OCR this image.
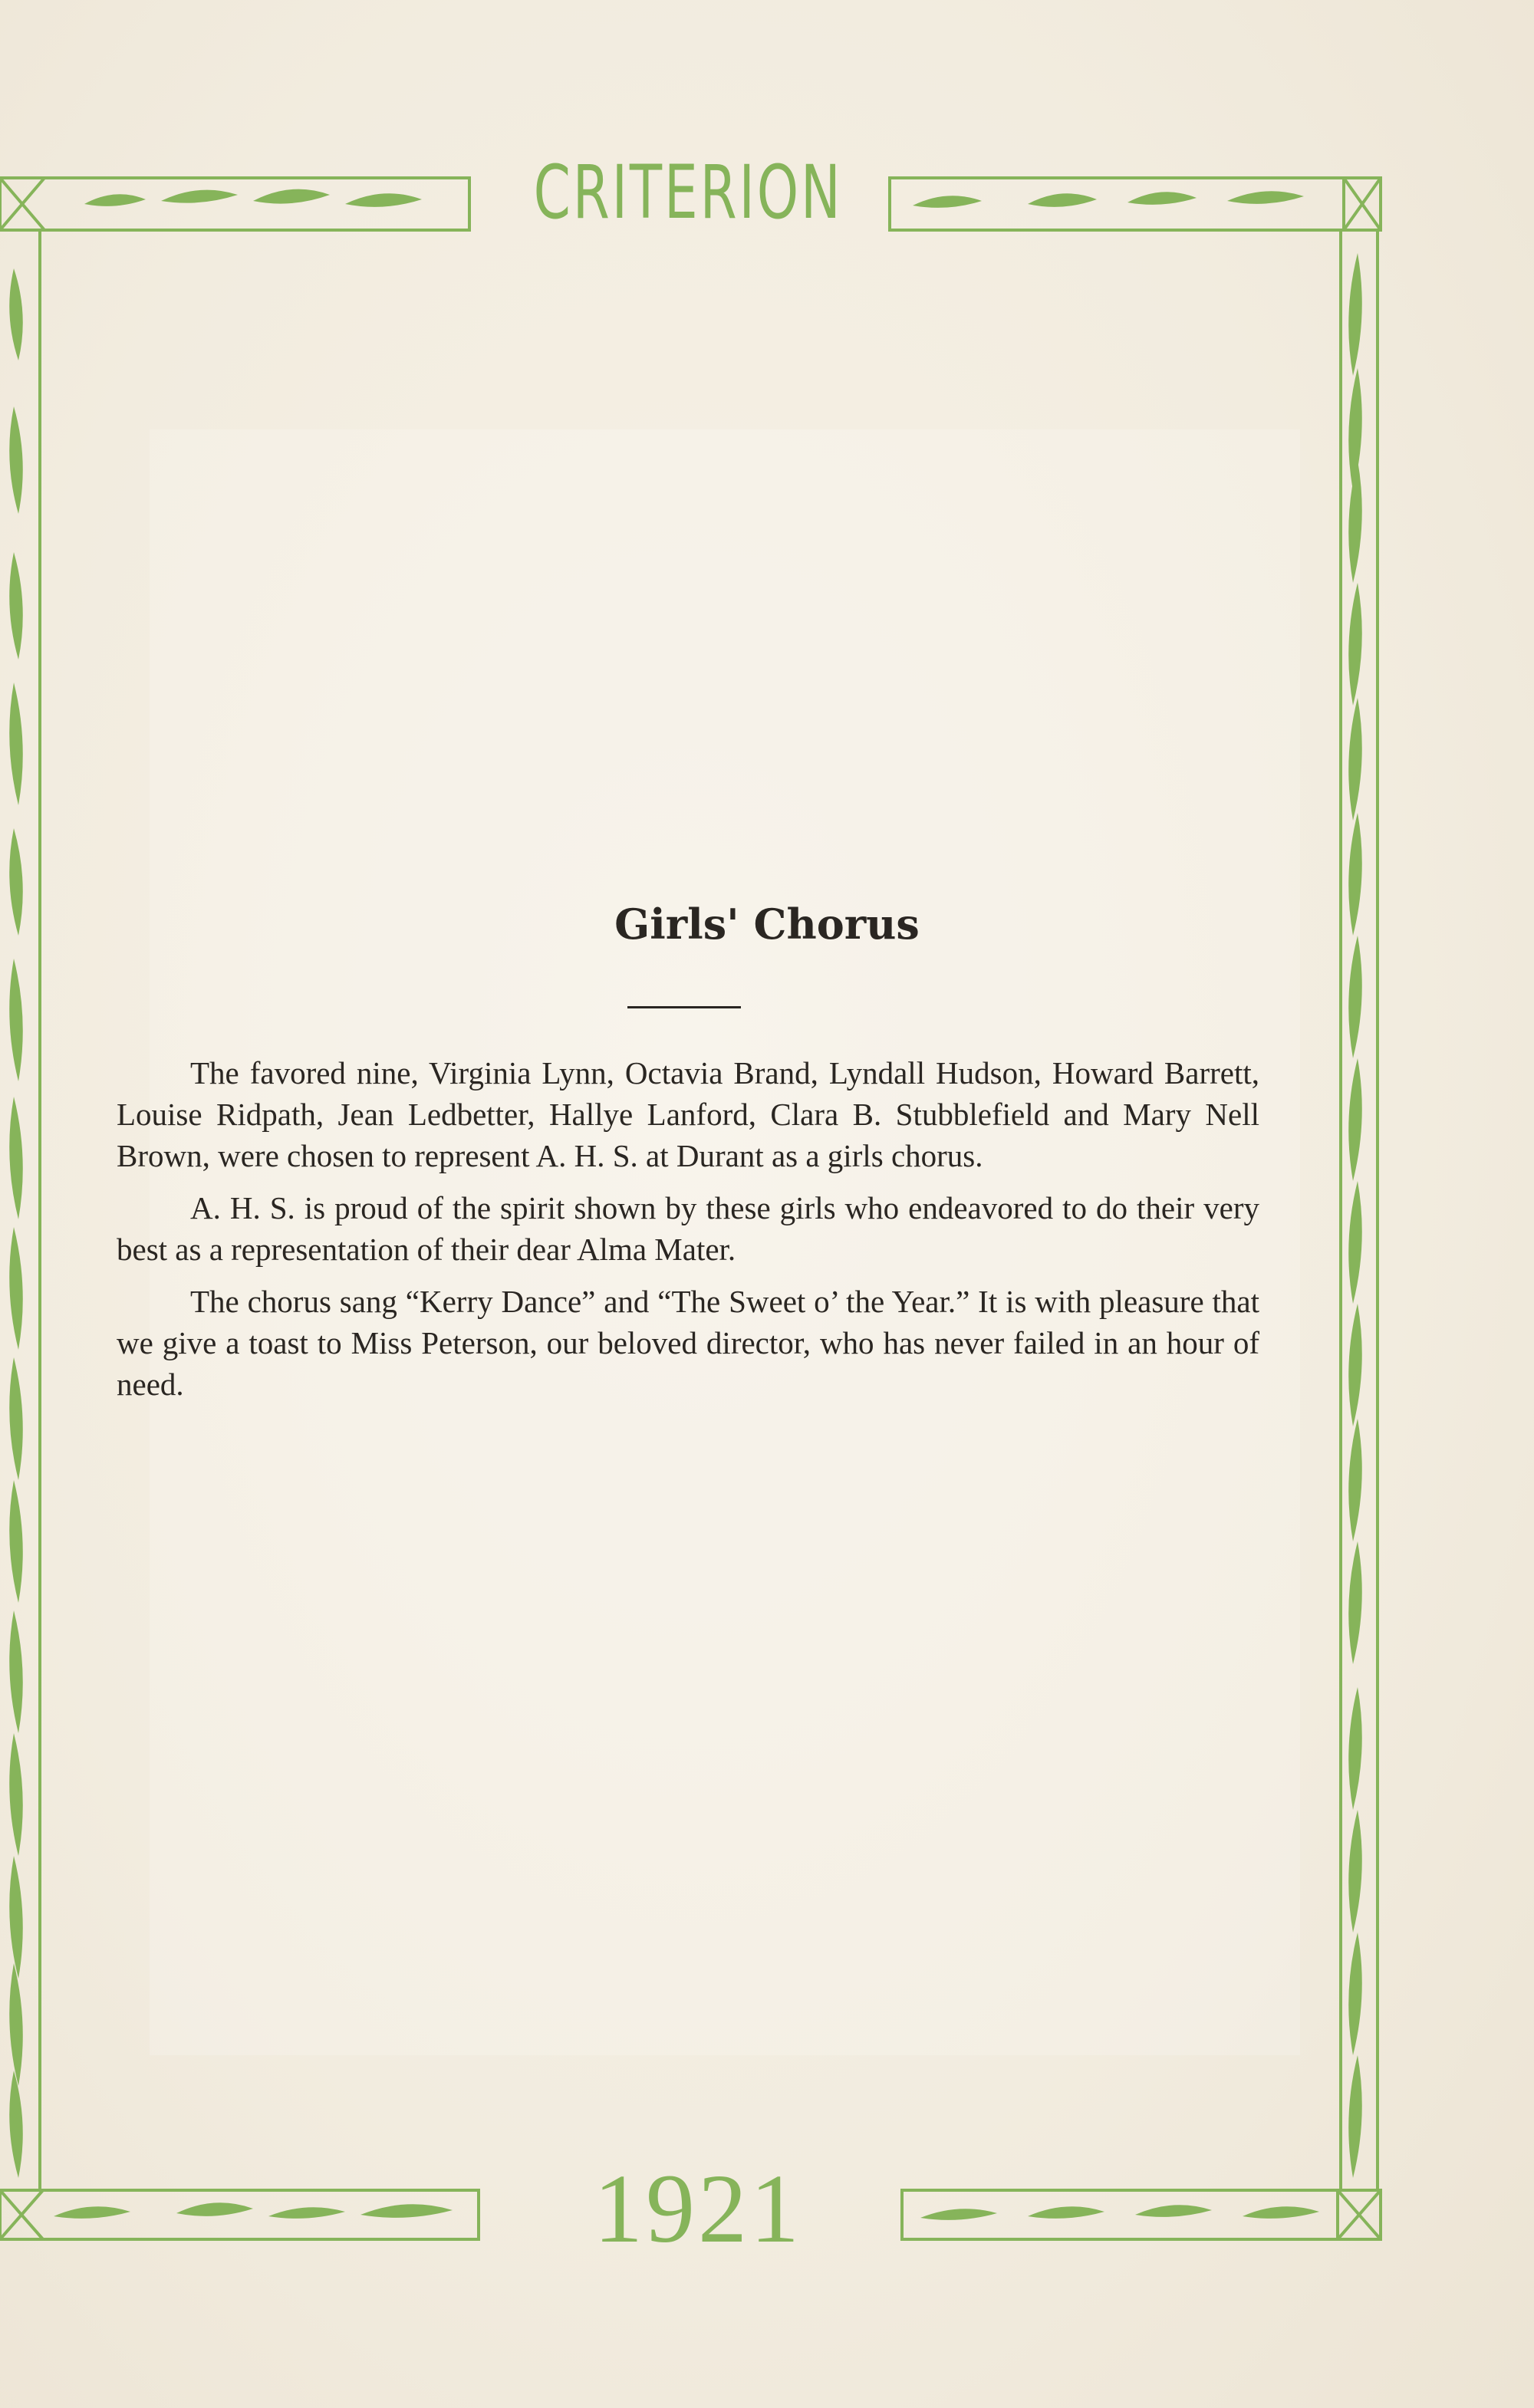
CRITERION
Girls' Chorus

The favored nine, Virginia Lynn, Octavia Brand, Lyndall Hudson, Howard Barrett, Louise Ridpath, Jean Ledbetter, Hallye Lanford, Clara B. Stubblefield and Mary Nell Brown, were chosen to represent A. H. S. at Durant as a girls chorus.

A. H. S. is proud of the spirit shown by these girls who endeavored to do their very best as a representation of their dear Alma Mater.

The chorus sang “Kerry Dance” and “The Sweet o’ the Year.” It is with pleasure that we give a toast to Miss Peterson, our beloved director, who has never failed in an hour of need.

1921
